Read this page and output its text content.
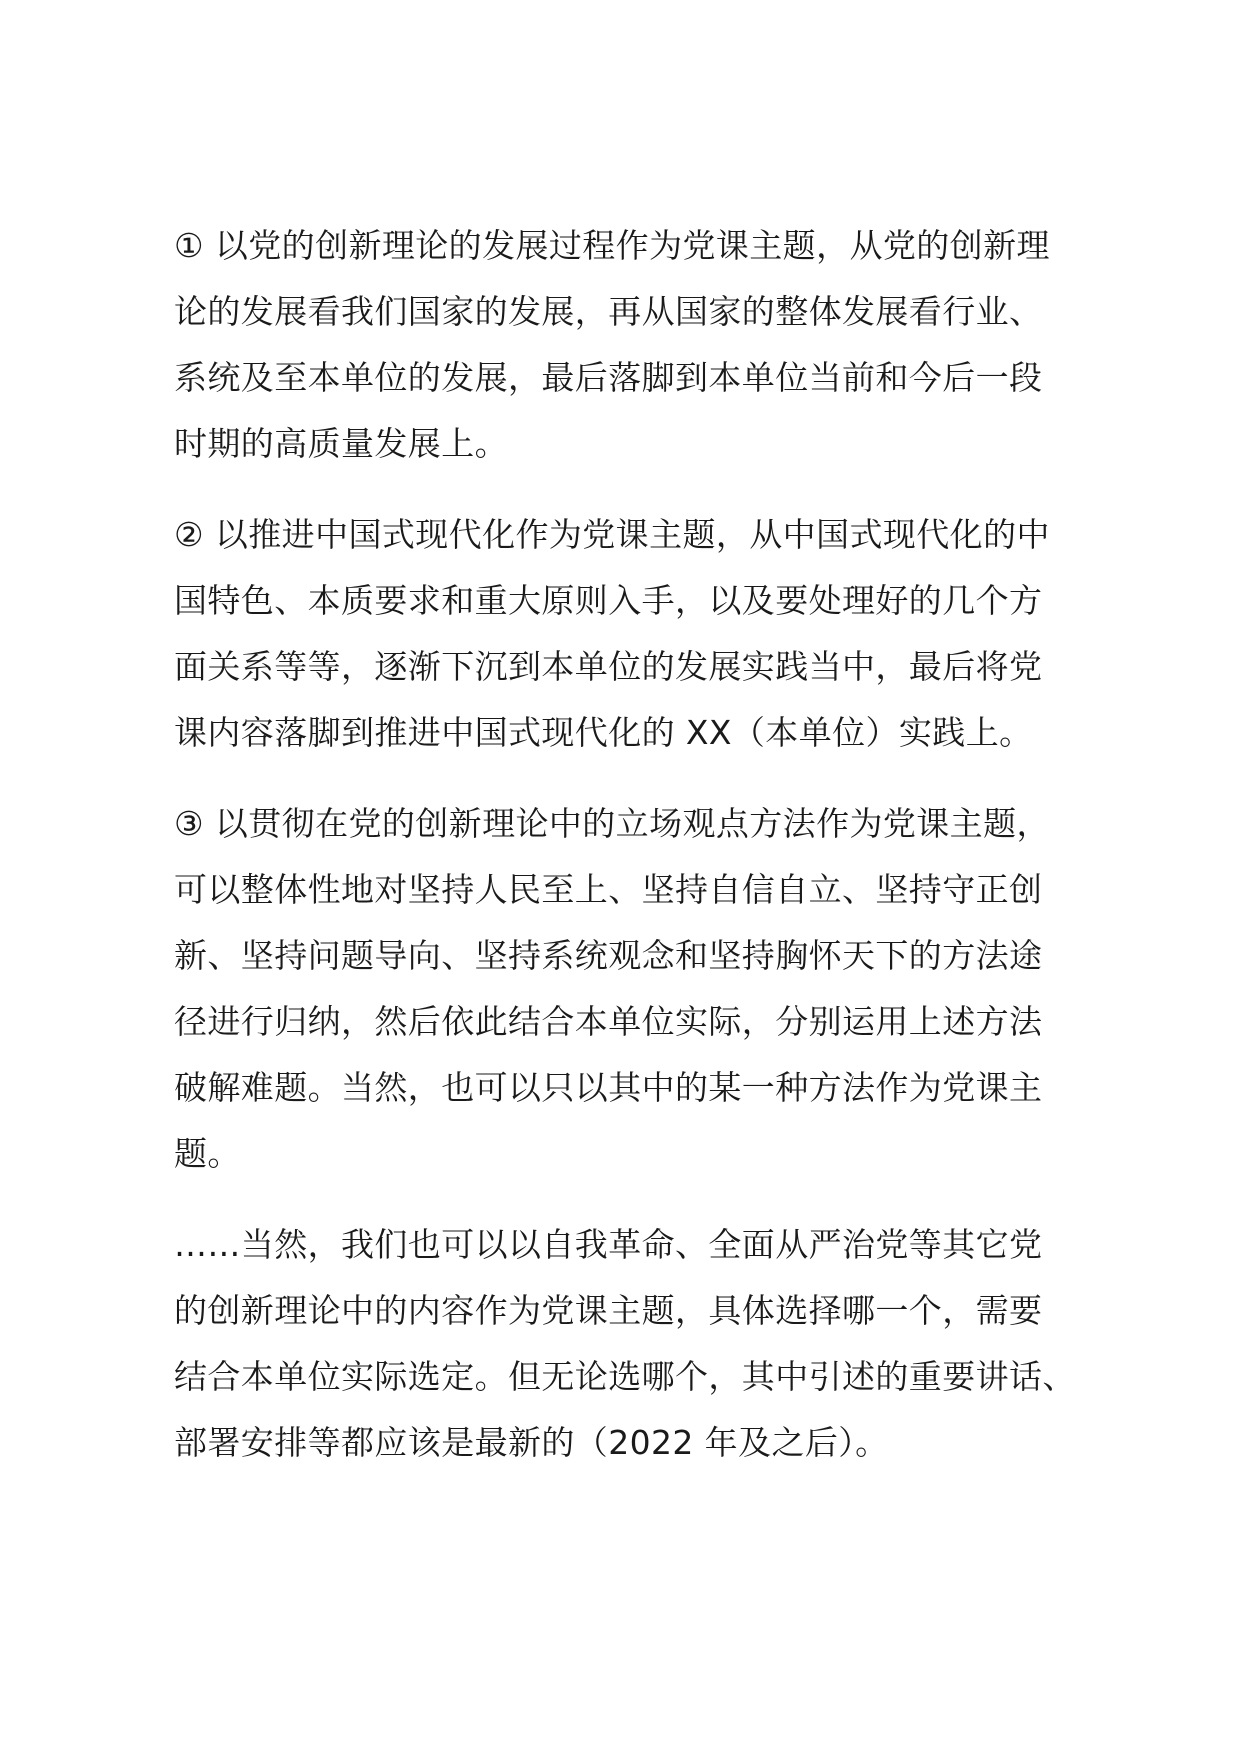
① 以党的创新理论的发展过程作为党课主题，从党的创新理
论的发展看我们国家的发展，再从国家的整体发展看行业、
系统及至本单位的发展，最后落脚到本单位当前和今后一段
时期的高质量发展上。

② 以推进中国式现代化作为党课主题，从中国式现代化的中
国特色、本质要求和重大原则入手，以及要处理好的几个方
面关系等等，逐渐下沉到本单位的发展实践当中，最后将党
课内容落脚到推进中国式现代化的 XX（本单位）实践上。

③ 以贯彻在党的创新理论中的立场观点方法作为党课主题，
可以整体性地对坚持人民至上、坚持自信自立、坚持守正创
新、坚持问题导向、坚持系统观念和坚持胸怀天下的方法途
径进行归纳，然后依此结合本单位实际，分别运用上述方法
破解难题。当然，也可以只以其中的某一种方法作为党课主
题。

……当然，我们也可以以自我革命、全面从严治党等其它党
的创新理论中的内容作为党课主题，具体选择哪一个，需要
结合本单位实际选定。但无论选哪个，其中引述的重要讲话、
部署安排等都应该是最新的（2022 年及之后）。
